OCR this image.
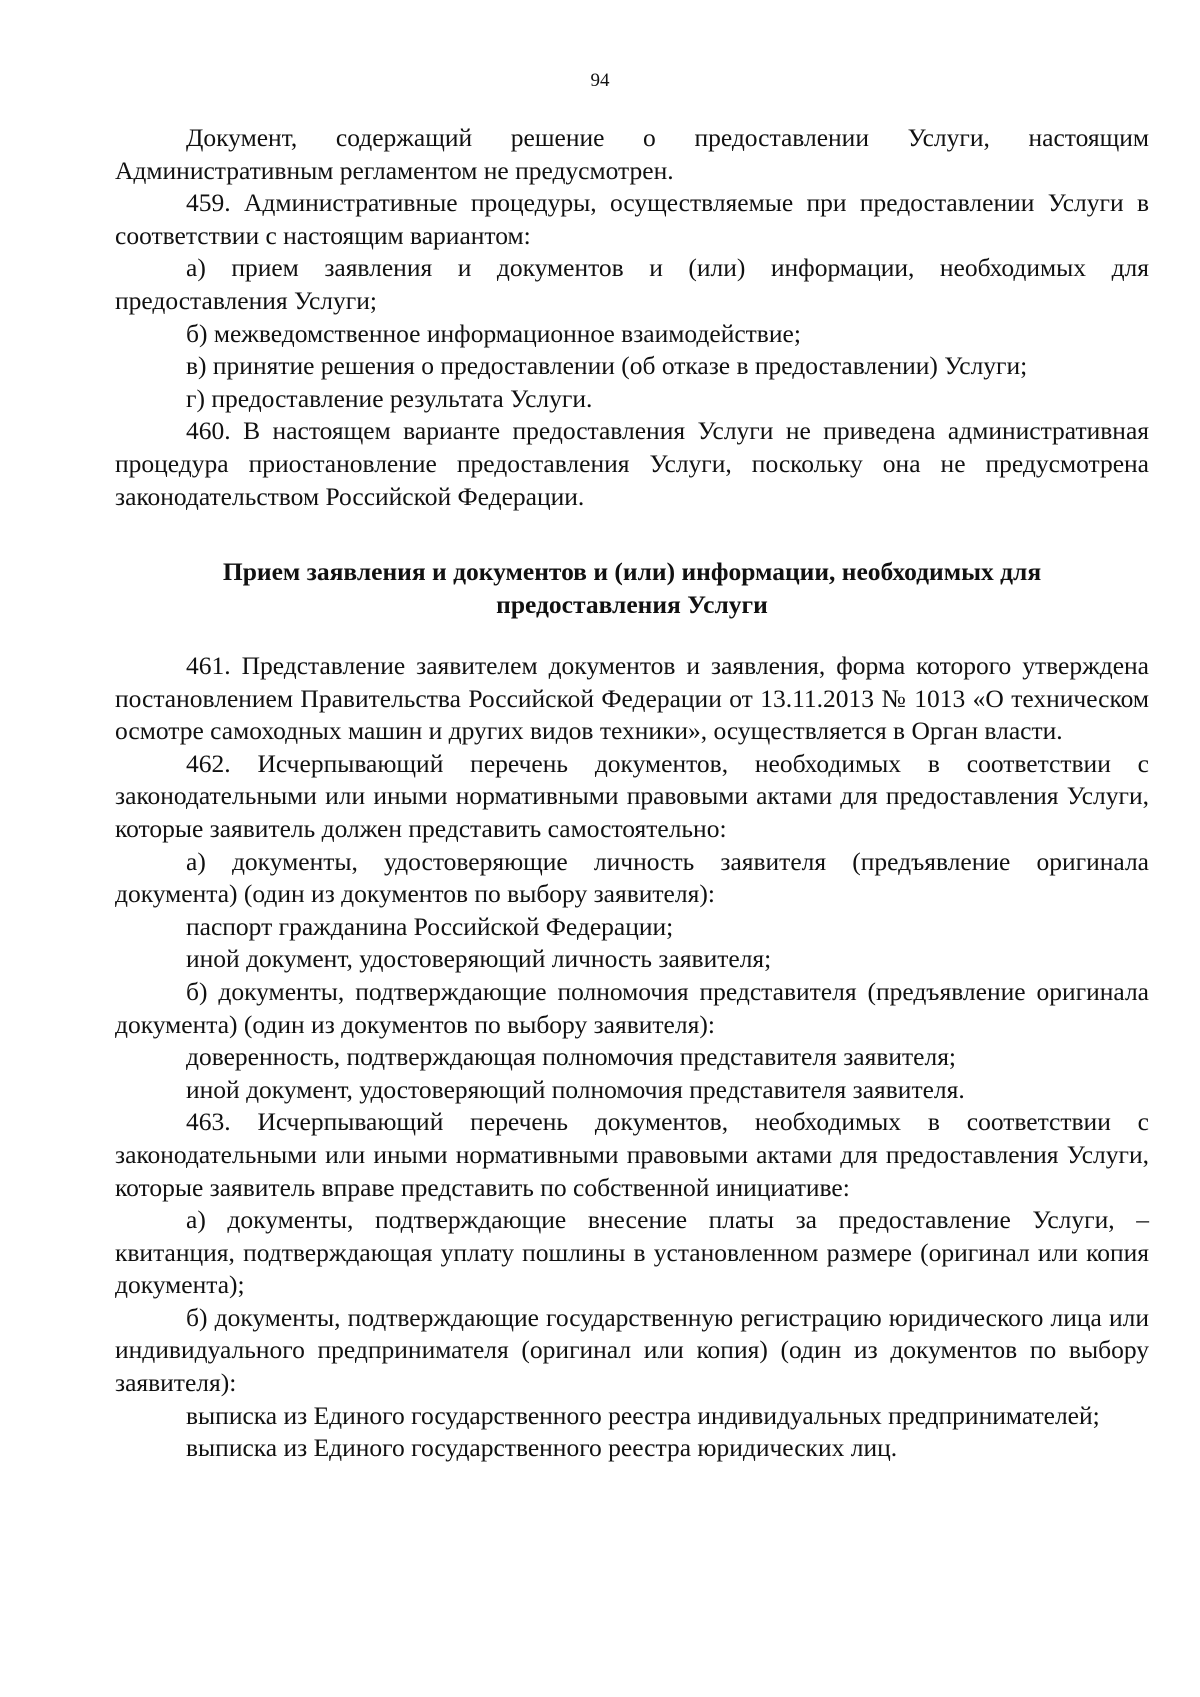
94

Документ, содержащий решение о предоставлении Услуги, настоящим Административным регламентом не предусмотрен.

459. Административные процедуры, осуществляемые при предоставлении Услуги в соответствии с настоящим вариантом:

а) прием заявления и документов и (или) информации, необходимых для предоставления Услуги;

б) межведомственное информационное взаимодействие;

в) принятие решения о предоставлении (об отказе в предоставлении) Услуги;

г) предоставление результата Услуги.

460. В настоящем варианте предоставления Услуги не приведена административная процедура приостановление предоставления Услуги, поскольку она не предусмотрена законодательством Российской Федерации.

Прием заявления и документов и (или) информации, необходимых для
предоставления Услуги

461. Представление заявителем документов и заявления, форма которого утверждена постановлением Правительства Российской Федерации от 13.11.2013 № 1013 «О техническом осмотре самоходных машин и других видов техники», осуществляется в Орган власти.

462. Исчерпывающий перечень документов, необходимых в соответствии с законодательными или иными нормативными правовыми актами для предоставления Услуги, которые заявитель должен представить самостоятельно:

а) документы, удостоверяющие личность заявителя (предъявление оригинала документа) (один из документов по выбору заявителя):

паспорт гражданина Российской Федерации;

иной документ, удостоверяющий личность заявителя;

б) документы, подтверждающие полномочия представителя (предъявление оригинала документа) (один из документов по выбору заявителя):

доверенность, подтверждающая полномочия представителя заявителя;

иной документ, удостоверяющий полномочия представителя заявителя.

463. Исчерпывающий перечень документов, необходимых в соответствии с законодательными или иными нормативными правовыми актами для предоставления Услуги, которые заявитель вправе представить по собственной инициативе:

а) документы, подтверждающие внесение платы за предоставление Услуги, – квитанция, подтверждающая уплату пошлины в установленном размере (оригинал или копия документа);

б) документы, подтверждающие государственную регистрацию юридического лица или индивидуального предпринимателя (оригинал или копия) (один из документов по выбору заявителя):

выписка из Единого государственного реестра индивидуальных предпринимателей;

выписка из Единого государственного реестра юридических лиц.
